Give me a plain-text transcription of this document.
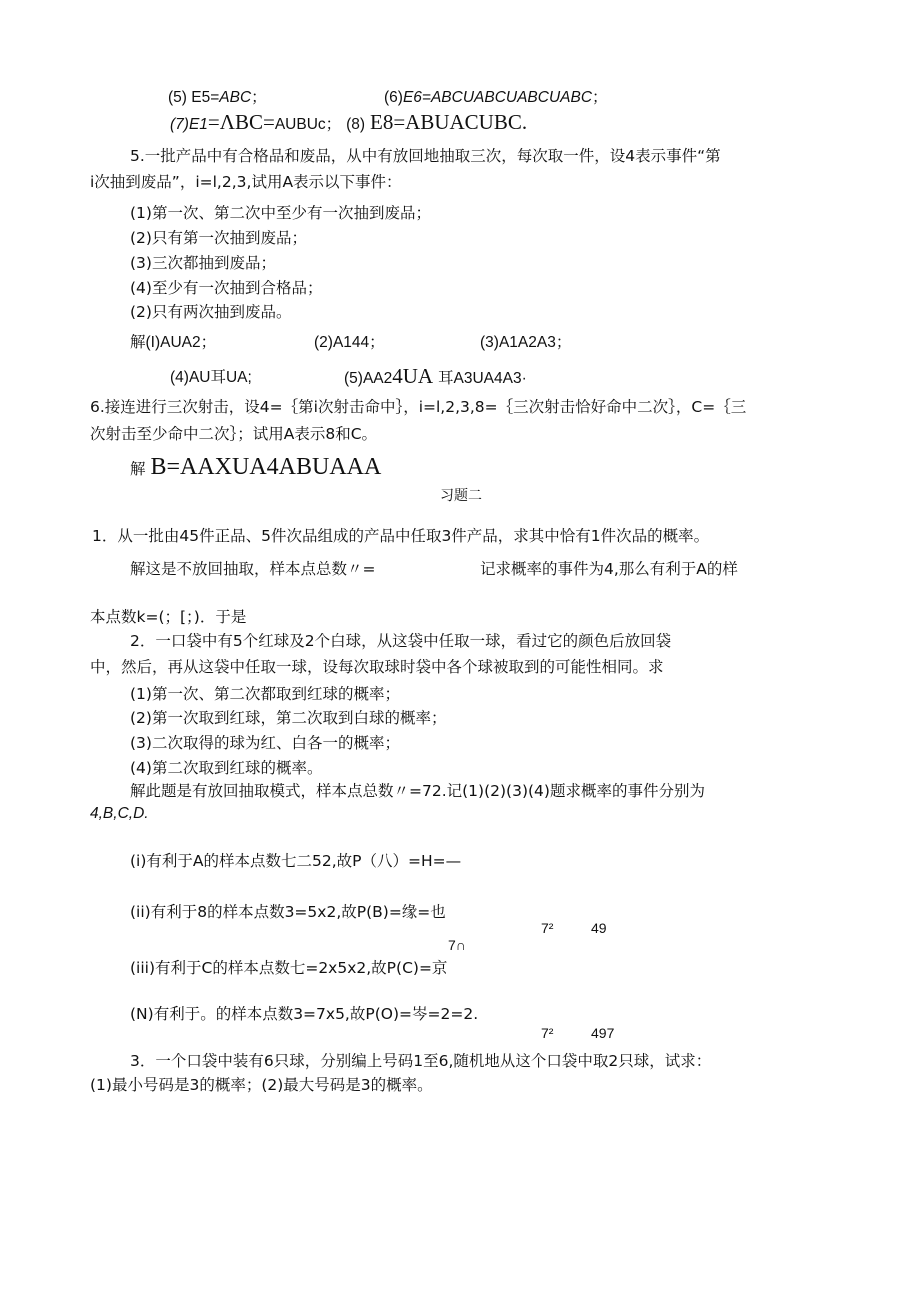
(5) E5=ABC；	(6)E6=ABCUABCUABCUABC；
(7)E1=ΛBC=AUBUc； (8) E8=ABUACUBC.
5.一批产品中有合格品和废品，从中有放回地抽取三次，每次取一件，设4表示事件“第
i次抽到废品”，i=l,2,3,试用A表示以下事件：
(1)第一次、第二次中至少有一次抽到废品；
(2)只有第一次抽到废品；
(3)三次都抽到废品；
(4)至少有一次抽到合格品；
(2)只有两次抽到废品。
解(I)AUA2；	(2)A144；	(3)A1A2A3；
(4)AU耳UA;	(5)AA24UA 耳A3UA4A3·
6.接连进行三次射击，设4=｛第i次射击命中｝，i=l,2,3,8=｛三次射击恰好命中二次｝，C=｛三
次射击至少命中二次｝；试用A表示8和C。
解 B=AAXUA4ABUAAA
习题二
1．从一批由45件正品、5件次品组成的产品中任取3件产品，求其中恰有1件次品的概率。
解这是不放回抽取，样本点总数〃=	记求概率的事件为4,那么有利于A的样
本点数k=(；[；)．于是
2．一口袋中有5个红球及2个白球，从这袋中任取一球，看过它的颜色后放回袋
中，然后，再从这袋中任取一球，设每次取球时袋中各个球被取到的可能性相同。求
(1)第一次、第二次都取到红球的概率；
(2)第一次取到红球，第二次取到白球的概率；
(3)二次取得的球为红、白各一的概率；
(4)第二次取到红球的概率。
解此题是有放回抽取模式，样本点总数〃=72.记(1)(2)(3)(4)题求概率的事件分别为
4,B,C,D.
(i)有利于A的样本点数七二52,故P（八）=H=—
(ii)有利于8的样本点数3=5x2,故P(B)=缘=也
7²	49
7∩
(iii)有利于C的样本点数七=2x5x2,故P(C)=京
(N)有利于。的样本点数3=7x5,故P(O)=岑=2=2.
7²	497
3．一个口袋中装有6只球，分别编上号码1至6,随机地从这个口袋中取2只球，试求：
(1)最小号码是3的概率；(2)最大号码是3的概率。
